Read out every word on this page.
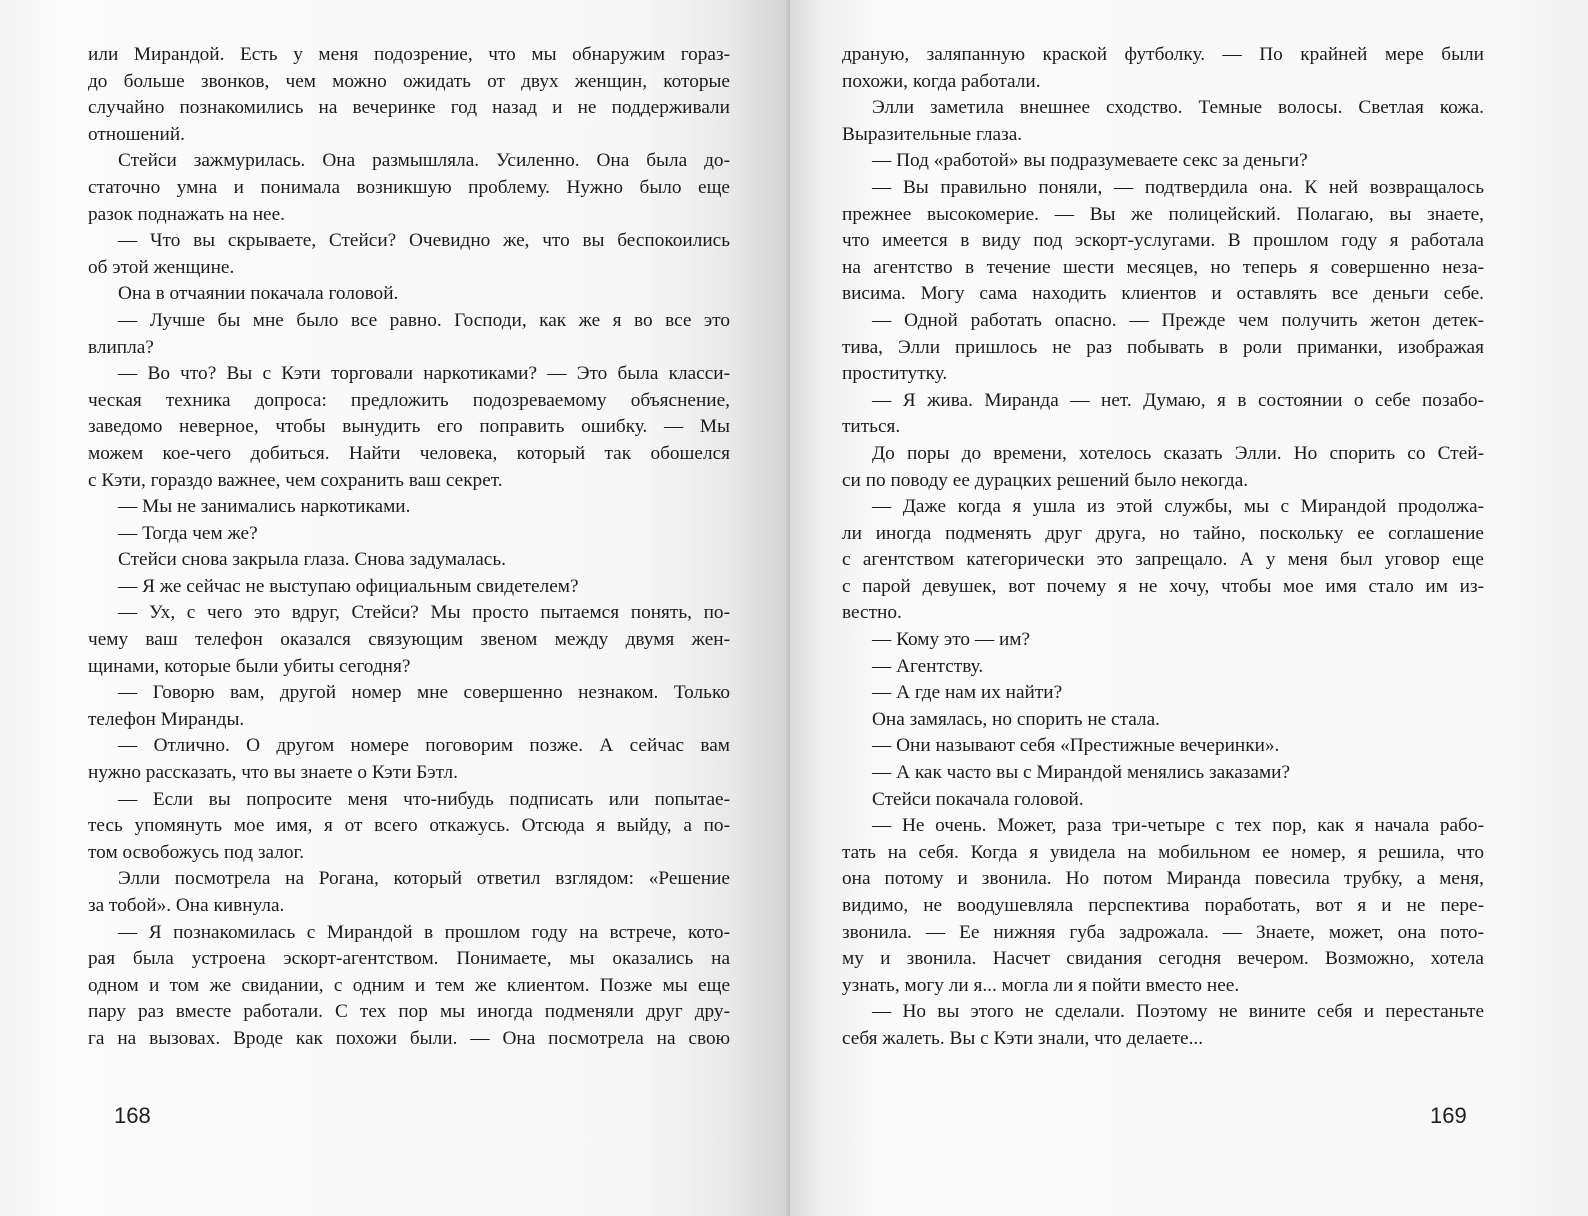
или Мирандой. Есть у меня подозрение, что мы обнаружим гораз-
до больше звонков, чем можно ожидать от двух женщин, которые
случайно познакомились на вечеринке год назад и не поддерживали
отношений.
Стейси зажмурилась. Она размышляла. Усиленно. Она была до-
статочно умна и понимала возникшую проблему. Нужно было еще
разок поднажать на нее.
— Что вы скрываете, Стейси? Очевидно же, что вы беспокоились
об этой женщине.
Она в отчаянии покачала головой.
— Лучше бы мне было все равно. Господи, как же я во все это
влипла?
— Во что? Вы с Кэти торговали наркотиками? — Это была класси-
ческая техника допроса: предложить подозреваемому объяснение,
заведомо неверное, чтобы вынудить его поправить ошибку. — Мы
можем кое-чего добиться. Найти человека, который так обошелся
с Кэти, гораздо важнее, чем сохранить ваш секрет.
— Мы не занимались наркотиками.
— Тогда чем же?
Стейси снова закрыла глаза. Снова задумалась.
— Я же сейчас не выступаю официальным свидетелем?
— Ух, с чего это вдруг, Стейси? Мы просто пытаемся понять, по-
чему ваш телефон оказался связующим звеном между двумя жен-
щинами, которые были убиты сегодня?
— Говорю вам, другой номер мне совершенно незнаком. Только
телефон Миранды.
— Отлично. О другом номере поговорим позже. А сейчас вам
нужно рассказать, что вы знаете о Кэти Бэтл.
— Если вы попросите меня что-нибудь подписать или попытае-
тесь упомянуть мое имя, я от всего откажусь. Отсюда я выйду, а по-
том освобожусь под залог.
Элли посмотрела на Рогана, который ответил взглядом: «Решение
за тобой». Она кивнула.
— Я познакомилась с Мирандой в прошлом году на встрече, кото-
рая была устроена эскорт-агентством. Понимаете, мы оказались на
одном и том же свидании, с одним и тем же клиентом. Позже мы еще
пару раз вместе работали. С тех пор мы иногда подменяли друг дру-
га на вызовах. Вроде как похожи были. — Она посмотрела на свою
168
драную, заляпанную краской футболку. — По крайней мере были
похожи, когда работали.
Элли заметила внешнее сходство. Темные волосы. Светлая кожа.
Выразительные глаза.
— Под «работой» вы подразумеваете секс за деньги?
— Вы правильно поняли, — подтвердила она. К ней возвращалось
прежнее высокомерие. — Вы же полицейский. Полагаю, вы знаете,
что имеется в виду под эскорт-услугами. В прошлом году я работала
на агентство в течение шести месяцев, но теперь я совершенно неза-
висима. Могу сама находить клиентов и оставлять все деньги себе.
— Одной работать опасно. — Прежде чем получить жетон детек-
тива, Элли пришлось не раз побывать в роли приманки, изображая
проститутку.
— Я жива. Миранда — нет. Думаю, я в состоянии о себе позабо-
титься.
До поры до времени, хотелось сказать Элли. Но спорить со Стей-
си по поводу ее дурацких решений было некогда.
— Даже когда я ушла из этой службы, мы с Мирандой продолжа-
ли иногда подменять друг друга, но тайно, поскольку ее соглашение
с агентством категорически это запрещало. А у меня был уговор еще
с парой девушек, вот почему я не хочу, чтобы мое имя стало им из-
вестно.
— Кому это — им?
— Агентству.
— А где нам их найти?
Она замялась, но спорить не стала.
— Они называют себя «Престижные вечеринки».
— А как часто вы с Мирандой менялись заказами?
Стейси покачала головой.
— Не очень. Может, раза три-четыре с тех пор, как я начала рабо-
тать на себя. Когда я увидела на мобильном ее номер, я решила, что
она потому и звонила. Но потом Миранда повесила трубку, а меня,
видимо, не воодушевляла перспектива поработать, вот я и не пере-
звонила. — Ее нижняя губа задрожала. — Знаете, может, она пото-
му и звонила. Насчет свидания сегодня вечером. Возможно, хотела
узнать, могу ли я... могла ли я пойти вместо нее.
— Но вы этого не сделали. Поэтому не вините себя и перестаньте
себя жалеть. Вы с Кэти знали, что делаете...
169
